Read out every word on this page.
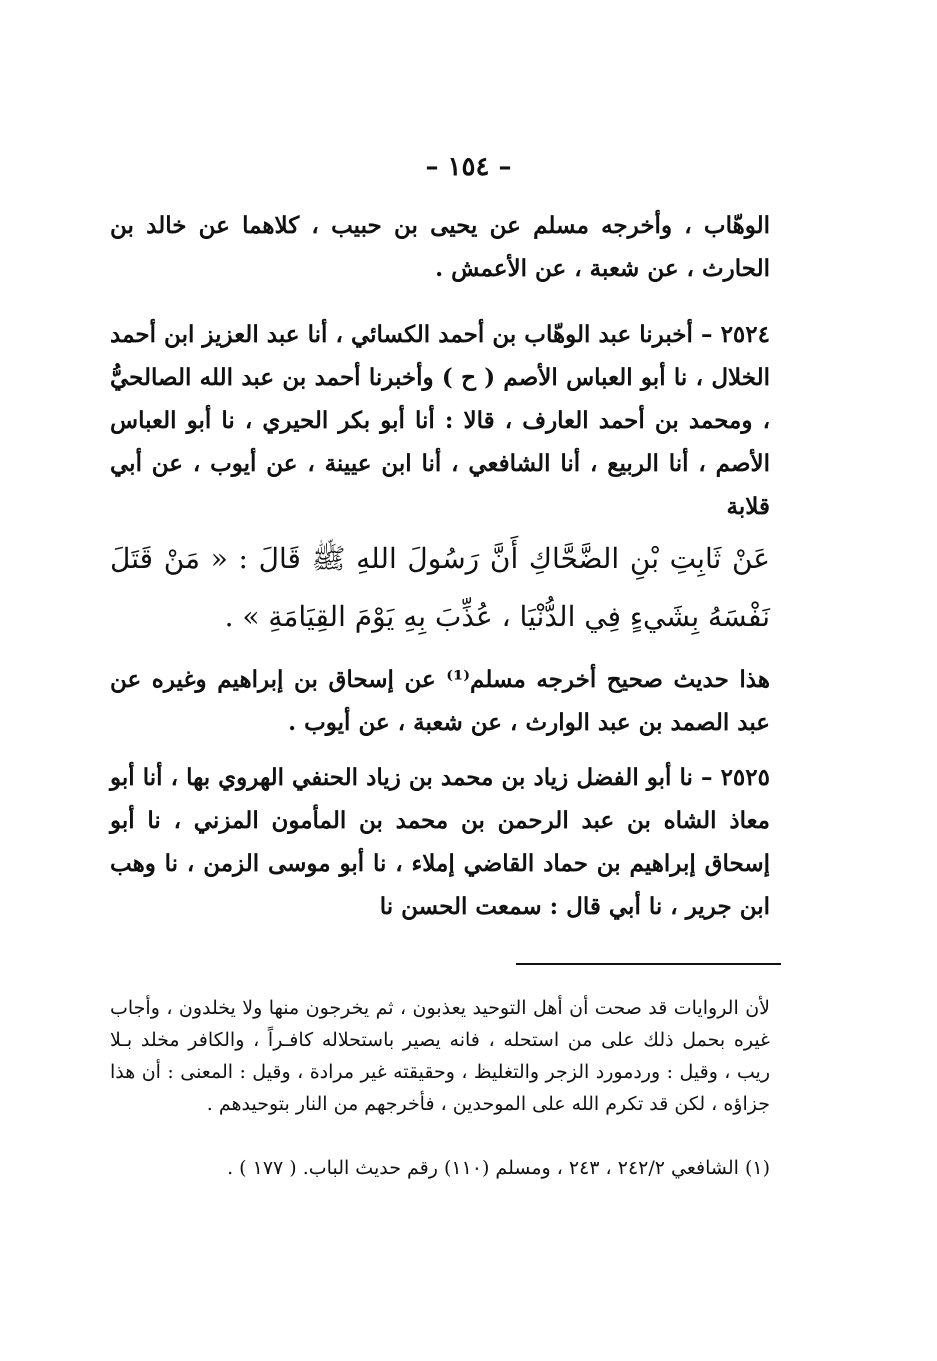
– ١٥٤ –
الوهّاب ، وأخرجه مسلم عن يحيى بن حبيب ، كلاهما عن خالد بن الحارث ، عن شعبة ، عن الأعمش .
٢٥٢٤ – أخبرنا عبد الوهّاب بن أحمد الكسائي ، أنا عبد العزيز ابن أحمد الخلال ، نا أبو العباس الأصم ( ح ) وأخبرنا أحمد بن عبد الله الصالحيُّ ، ومحمد بن أحمد العارف ، قالا : أنا أبو بكر الحيري ، نا أبو العباس الأصم ، أنا الربيع ، أنا الشافعي ، أنا ابن عيينة ، عن أيوب ، عن أبي قلابة
عَنْ ثَابِتِ بْنِ الضَّحَّاكِ أَنَّ رَسُولَ اللهِ ﷺ قَالَ : « مَنْ قَتَلَ نَفْسَهُ بِشَيءٍ فِي الدُّنْيَا ، عُذِّبَ بِهِ يَوْمَ القِيَامَةِ » .
هذا حديث صحيح أخرجه مسلم⁽¹⁾ عن إسحاق بن إبراهيم وغيره عن عبد الصمد بن عبد الوارث ، عن شعبة ، عن أيوب .
٢٥٢٥ – نا أبو الفضل زياد بن محمد بن زياد الحنفي الهروي بها ، أنا أبو معاذ الشاه بن عبد الرحمن بن محمد بن المأمون المزني ، نا أبو إسحاق إبراهيم بن حماد القاضي إملاء ، نا أبو موسى الزمن ، نا وهب ابن جرير ، نا أبي قال : سمعت الحسن نا
لأن الروايات قد صحت أن أهل التوحيد يعذبون ، ثم يخرجون منها ولا يخلدون ، وأجاب غيره بحمل ذلك على من استحله ، فانه يصير باستحلاله كافـراً ، والكافر مخلد بـلا ريب ، وقيل : وردمورد الزجر والتغليظ ، وحقيقته غير مرادة ، وقيل : المعنى : أن هذا جزاؤه ، لكن قد تكرم الله على الموحدين ، فأخرجهم من النار بتوحيدهم .
(١) الشافعي ٢٤٢/٢ ، ٢٤٣ ، ومسلم (١١٠) رقم حديث الباب. ( ١٧٧ ) .
